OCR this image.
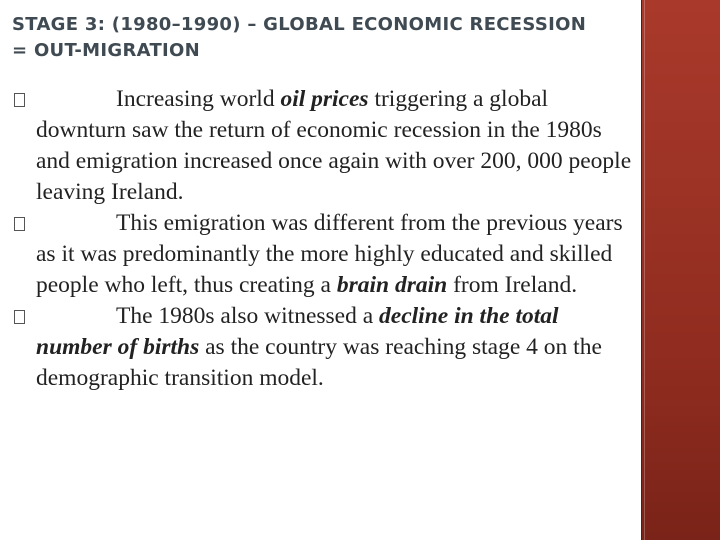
STAGE 3: (1980–1990) – GLOBAL ECONOMIC RECESSION
= OUT-MIGRATION
Increasing world oil prices triggering a global downturn saw the return of economic recession in the 1980s and emigration increased once again with over 200, 000 people leaving Ireland.
This emigration was different from the previous years as it was predominantly the more highly educated and skilled people who left, thus creating a brain drain from Ireland.
The 1980s also witnessed a decline in the total number of births as the country was reaching stage 4 on the demographic transition model.
